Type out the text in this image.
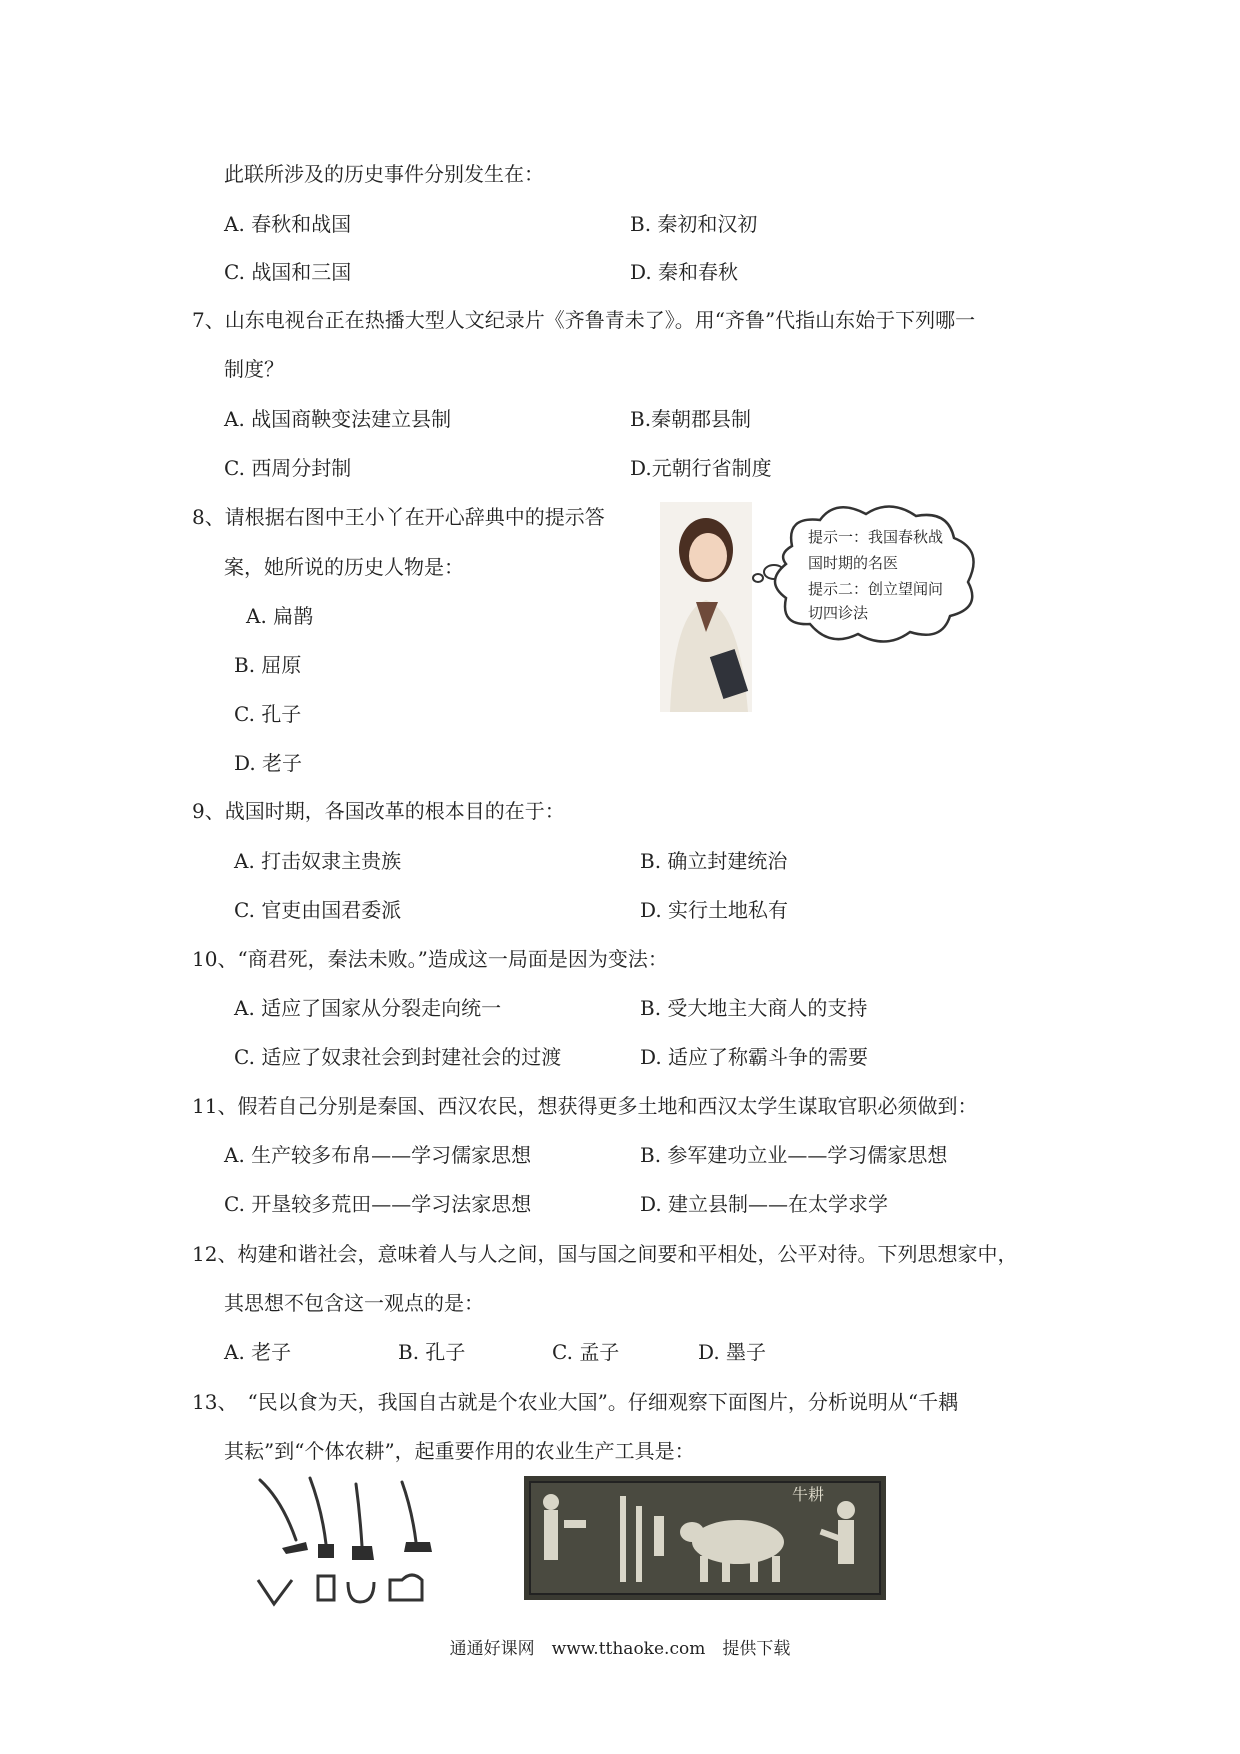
此联所涉及的历史事件分别发生在：
A. 春秋和战国	B. 秦初和汉初
C. 战国和三国	D. 秦和春秋
7、山东电视台正在热播大型人文纪录片《齐鲁青未了》。用“齐鲁”代指山东始于下列哪一
制度？
A. 战国商鞅变法建立县制	B.秦朝郡县制
C. 西周分封制	D.元朝行省制度
8、请根据右图中王小丫在开心辞典中的提示答
案，她所说的历史人物是：
A. 扁鹊
B. 屈原
C. 孔子
D. 老子
提示一：我国春秋战
国时期的名医
提示二：创立望闻问
切四诊法
9、战国时期，各国改革的根本目的在于：
A. 打击奴隶主贵族	B. 确立封建统治
C. 官吏由国君委派	D. 实行土地私有
10、“商君死，秦法未败。”造成这一局面是因为变法：
A. 适应了国家从分裂走向统一	B. 受大地主大商人的支持
C. 适应了奴隶社会到封建社会的过渡	D. 适应了称霸斗争的需要
11、假若自己分别是秦国、西汉农民，想获得更多土地和西汉太学生谋取官职必须做到：
A. 生产较多布帛——学习儒家思想	B. 参军建功立业——学习儒家思想
C. 开垦较多荒田——学习法家思想	D. 建立县制——在太学求学
12、构建和谐社会，意味着人与人之间，国与国之间要和平相处，公平对待。下列思想家中，
其思想不包含这一观点的是：
A. 老子	B. 孔子	C. 孟子	D. 墨子
13、　“民以食为天，我国自古就是个农业大国”。仔细观察下面图片，分析说明从“千耦
其耘”到“个体农耕”，起重要作用的农业生产工具是：
牛耕
通通好课网　www.tthaoke.com　提供下载
